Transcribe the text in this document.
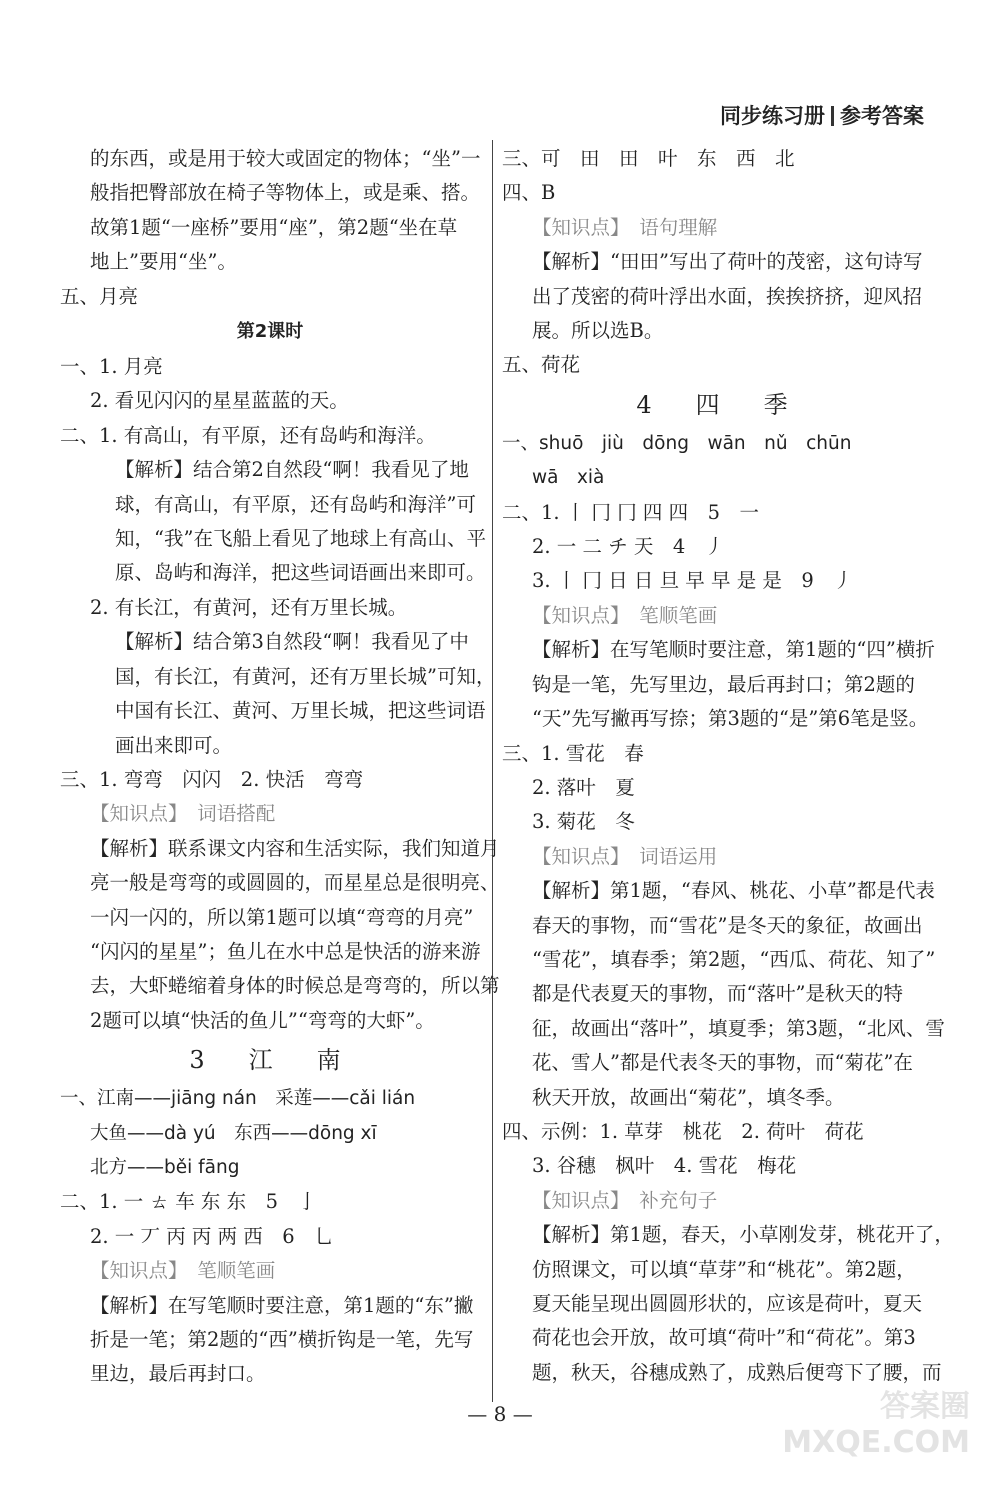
同步练习册 参考答案
的东西，或是用于较大或固定的物体；“坐”一
般指把臀部放在椅子等物体上，或是乘、搭。
故第1题“一座桥”要用“座”，第2题“坐在草
地上”要用“坐”。
五、月亮
第2课时
一、1. 月亮
2. 看见闪闪的星星蓝蓝的天。
二、1. 有高山，有平原，还有岛屿和海洋。
【解析】结合第2自然段“啊！我看见了地
球，有高山，有平原，还有岛屿和海洋”可
知，“我”在飞船上看见了地球上有高山、平
原、岛屿和海洋，把这些词语画出来即可。
2. 有长江，有黄河，还有万里长城。
【解析】结合第3自然段“啊！我看见了中
国，有长江，有黄河，还有万里长城”可知，
中国有长江、黄河、万里长城，把这些词语
画出来即可。
三、1. 弯弯　闪闪　2. 快活　弯弯
【知识点】　词语搭配
【解析】联系课文内容和生活实际，我们知道月
亮一般是弯弯的或圆圆的，而星星总是很明亮、
一闪一闪的，所以第1题可以填“弯弯的月亮”
“闪闪的星星”；鱼儿在水中总是快活的游来游
去，大虾蜷缩着身体的时候总是弯弯的，所以第
2题可以填“快活的鱼儿”“弯弯的大虾”。
3　江　南
一、江南——jiāng nán　采莲——cǎi lián
大鱼——dà yú　东西——dōng xī
北方——běi fāng
二、1. 一 ㄊ 车 东 东　5　亅
2. 一 丆 丙 丙 两 西　6　乚
【知识点】　笔顺笔画
【解析】在写笔顺时要注意，第1题的“东”撇
折是一笔；第2题的“西”横折钩是一笔，先写
里边，最后再封口。
三、可　田　田　叶　东　西　北
四、B
【知识点】　语句理解
【解析】“田田”写出了荷叶的茂密，这句诗写
出了茂密的荷叶浮出水面，挨挨挤挤，迎风招
展。所以选B。
五、荷花
4　四　季
一、shuō　jiù　dōng　wān　nǔ　chūn
wā　xià
二、1. 丨 冂 冂 四 四　5　一
2. 一 二 チ 天　4　丿
3. 丨 冂 日 日 旦 早 早 是 是　9　丿
【知识点】　笔顺笔画
【解析】在写笔顺时要注意，第1题的“四”横折
钩是一笔，先写里边，最后再封口；第2题的
“天”先写撇再写捺；第3题的“是”第6笔是竖。
三、1. 雪花　春
2. 落叶　夏
3. 菊花　冬
【知识点】　词语运用
【解析】第1题，“春风、桃花、小草”都是代表
春天的事物，而“雪花”是冬天的象征，故画出
“雪花”，填春季；第2题，“西瓜、荷花、知了”
都是代表夏天的事物，而“落叶”是秋天的特
征，故画出“落叶”，填夏季；第3题，“北风、雪
花、雪人”都是代表冬天的事物，而“菊花”在
秋天开放，故画出“菊花”，填冬季。
四、示例：1. 草芽　桃花　2. 荷叶　荷花
3. 谷穗　枫叶　4. 雪花　梅花
【知识点】　补充句子
【解析】第1题，春天，小草刚发芽，桃花开了，
仿照课文，可以填“草芽”和“桃花”。第2题，
夏天能呈现出圆圆形状的，应该是荷叶，夏天
荷花也会开放，故可填“荷叶”和“荷花”。第3
题，秋天，谷穗成熟了，成熟后便弯下了腰，而
— 8 —	答案圈
MXQE.COM
